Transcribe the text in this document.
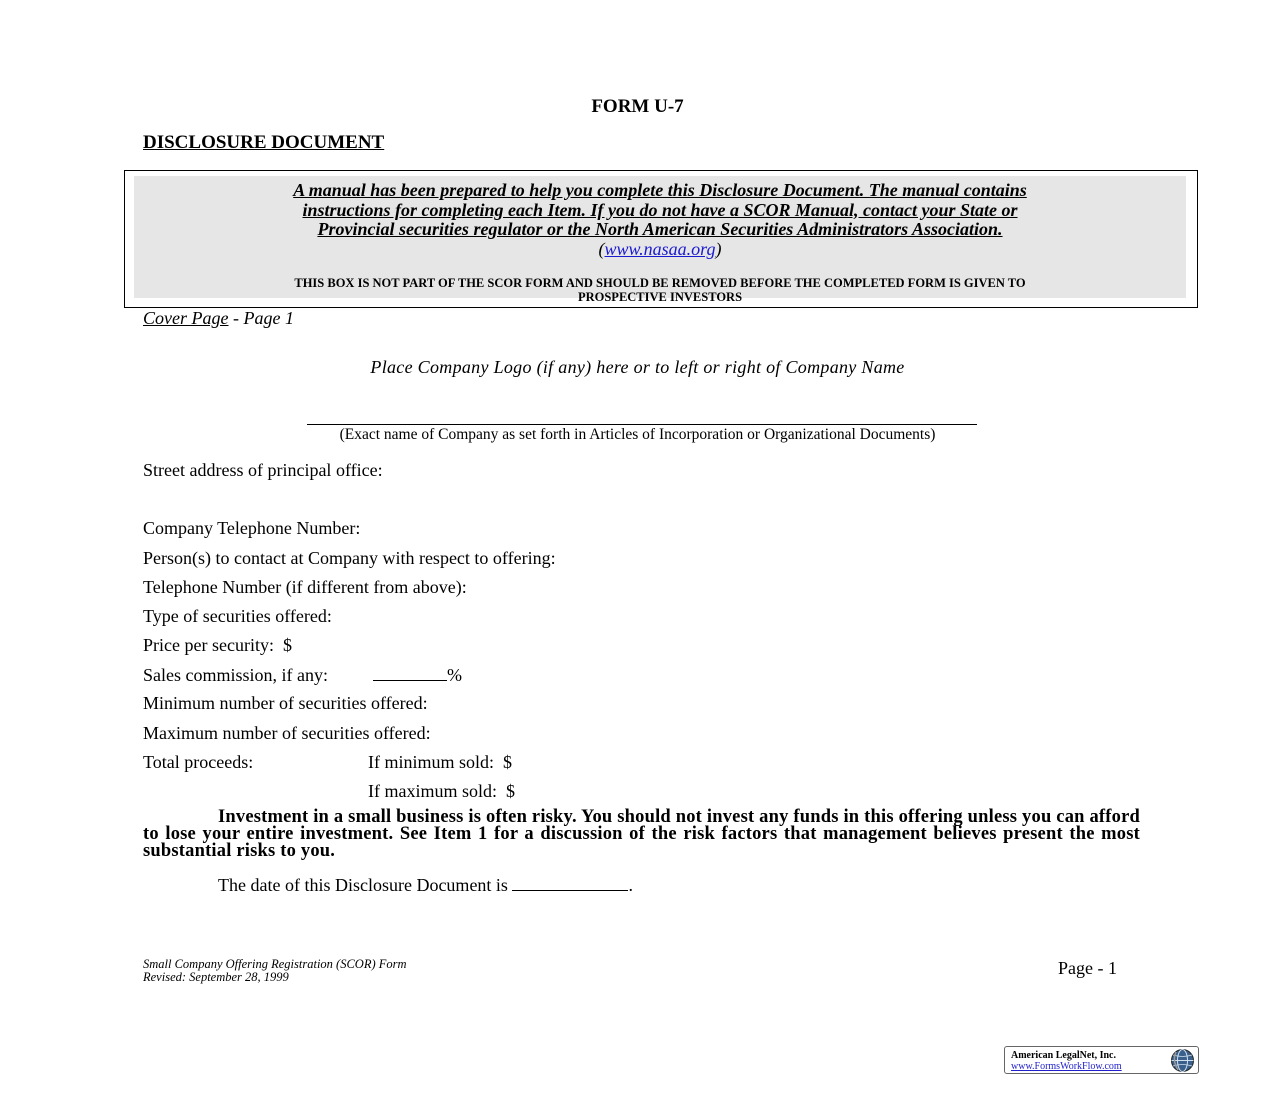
FORM U-7
DISCLOSURE DOCUMENT
A manual has been prepared to help you complete this Disclosure Document. The manual contains
instructions for completing each Item. If you do not have a SCOR Manual, contact your State or
Provincial securities regulator or the North American Securities Administrators Association.
(www.nasaa.org)
THIS BOX IS NOT PART OF THE SCOR FORM AND SHOULD BE REMOVED BEFORE THE COMPLETED FORM IS GIVEN TO
PROSPECTIVE INVESTORS
Cover Page - Page 1
Place Company Logo (if any) here or to left or right of Company Name
(Exact name of Company as set forth in Articles of Incorporation or Organizational Documents)
Street address of principal office:
Company Telephone Number:
Person(s) to contact at Company with respect to offering:
Telephone Number (if different from above):
Type of securities offered:
Price per security:  $
Sales commission, if any:	%
Minimum number of securities offered:
Maximum number of securities offered:
Total proceeds:	If minimum sold:  $
If maximum sold:  $
Investment in a small business is often risky. You should not invest any funds in this offering unless you can afford to lose your entire investment. See Item 1 for a discussion of the risk factors that management believes present the most substantial risks to you.
The date of this Disclosure Document is	.
Small Company Offering Registration (SCOR) Form
Revised: September 28, 1999	Page - 1
American LegalNet, Inc.
www.FormsWorkFlow.com
